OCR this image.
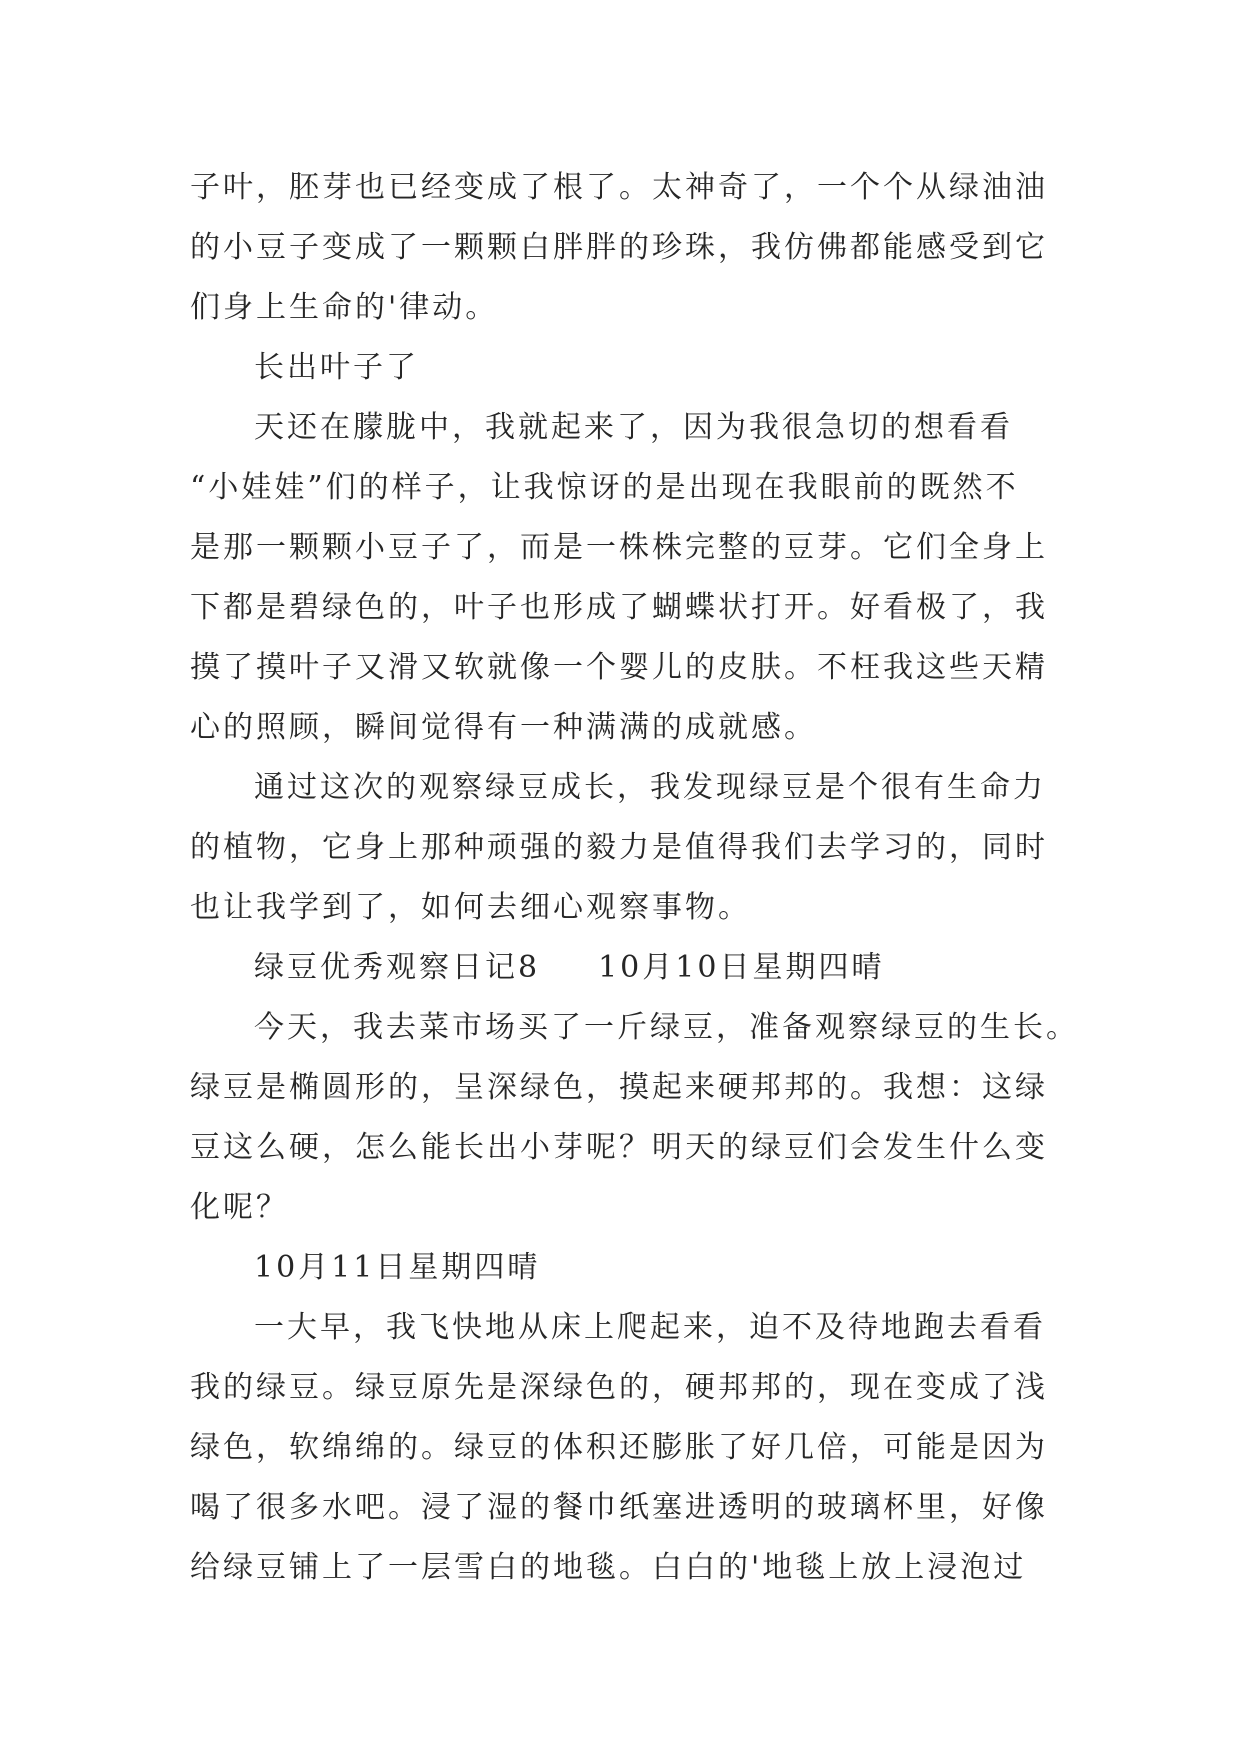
子叶，胚芽也已经变成了根了。太神奇了，一个个从绿油油

的小豆子变成了一颗颗白胖胖的珍珠，我仿佛都能感受到它

们身上生命的'律动。

长出叶子了

天还在朦胧中，我就起来了，因为我很急切的想看看

“小娃娃”们的样子，让我惊讶的是出现在我眼前的既然不

是那一颗颗小豆子了，而是一株株完整的豆芽。它们全身上

下都是碧绿色的，叶子也形成了蝴蝶状打开。好看极了，我

摸了摸叶子又滑又软就像一个婴儿的皮肤。不枉我这些天精

心的照顾，瞬间觉得有一种满满的成就感。

通过这次的观察绿豆成长，我发现绿豆是个很有生命力

的植物，它身上那种顽强的毅力是值得我们去学习的，同时

也让我学到了，如何去细心观察事物。

绿豆优秀观察日记8 10月10日星期四晴

今天，我去菜市场买了一斤绿豆，准备观察绿豆的生长。

绿豆是椭圆形的，呈深绿色，摸起来硬邦邦的。我想：这绿

豆这么硬，怎么能长出小芽呢？明天的绿豆们会发生什么变

化呢？

10月11日星期四晴

一大早，我飞快地从床上爬起来，迫不及待地跑去看看

我的绿豆。绿豆原先是深绿色的，硬邦邦的，现在变成了浅

绿色，软绵绵的。绿豆的体积还膨胀了好几倍，可能是因为

喝了很多水吧。浸了湿的餐巾纸塞进透明的玻璃杯里，好像

给绿豆铺上了一层雪白的地毯。白白的'地毯上放上浸泡过
